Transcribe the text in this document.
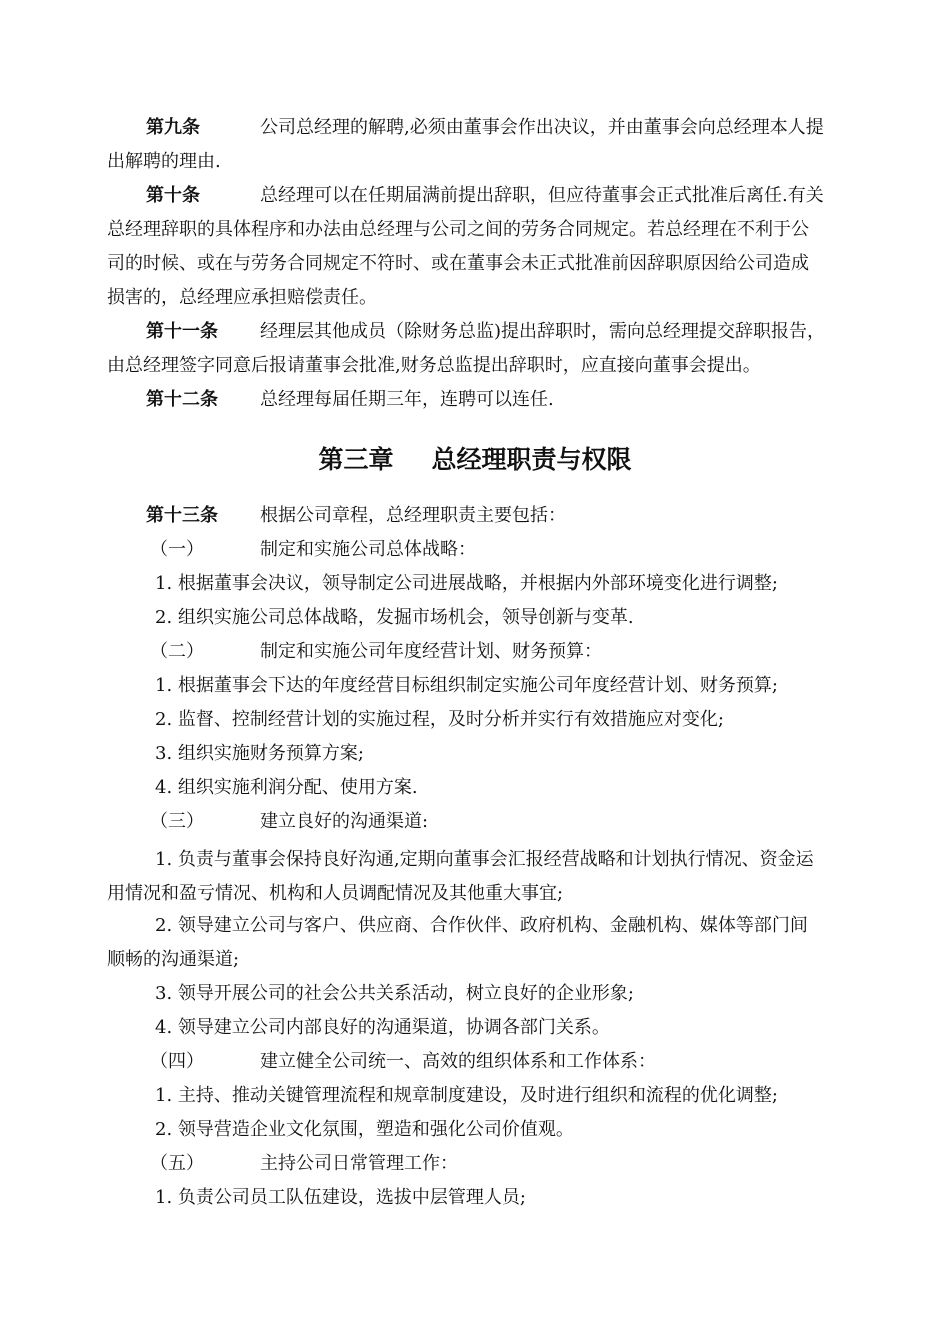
第九条	公司总经理的解聘,必须由董事会作出决议，并由董事会向总经理本人提
出解聘的理由.
第十条	总经理可以在任期届满前提出辞职，但应待董事会正式批准后离任.有关
总经理辞职的具体程序和办法由总经理与公司之间的劳务合同规定。若总经理在不利于公
司的时候、或在与劳务合同规定不符时、或在董事会未正式批准前因辞职原因给公司造成
损害的，总经理应承担赔偿责任。
第十一条 经理层其他成员（除财务总监)提出辞职时，需向总经理提交辞职报告，
由总经理签字同意后报请董事会批准,财务总监提出辞职时，应直接向董事会提出。
第十二条 总经理每届任期三年，连聘可以连任.
第三章 总经理职责与权限
第十三条 根据公司章程，总经理职责主要包括：
（一）	制定和实施公司总体战略：
1. 根据董事会决议，领导制定公司进展战略，并根据内外部环境变化进行调整;
2. 组织实施公司总体战略，发掘市场机会，领导创新与变革.
（二）	制定和实施公司年度经营计划、财务预算：
1. 根据董事会下达的年度经营目标组织制定实施公司年度经营计划、财务预算;
2. 监督、控制经营计划的实施过程，及时分析并实行有效措施应对变化;
3. 组织实施财务预算方案;
4. 组织实施利润分配、使用方案.
（三）	建立良好的沟通渠道:
1. 负责与董事会保持良好沟通,定期向董事会汇报经营战略和计划执行情况、资金运
用情况和盈亏情况、机构和人员调配情况及其他重大事宜;
2. 领导建立公司与客户、供应商、合作伙伴、政府机构、金融机构、媒体等部门间
顺畅的沟通渠道;
3. 领导开展公司的社会公共关系活动，树立良好的企业形象;
4. 领导建立公司内部良好的沟通渠道，协调各部门关系。
（四）	建立健全公司统一、高效的组织体系和工作体系：
1. 主持、推动关键管理流程和规章制度建设，及时进行组织和流程的优化调整;
2. 领导营造企业文化氛围，塑造和强化公司价值观。
（五）	主持公司日常管理工作：
1. 负责公司员工队伍建设，选拔中层管理人员;
